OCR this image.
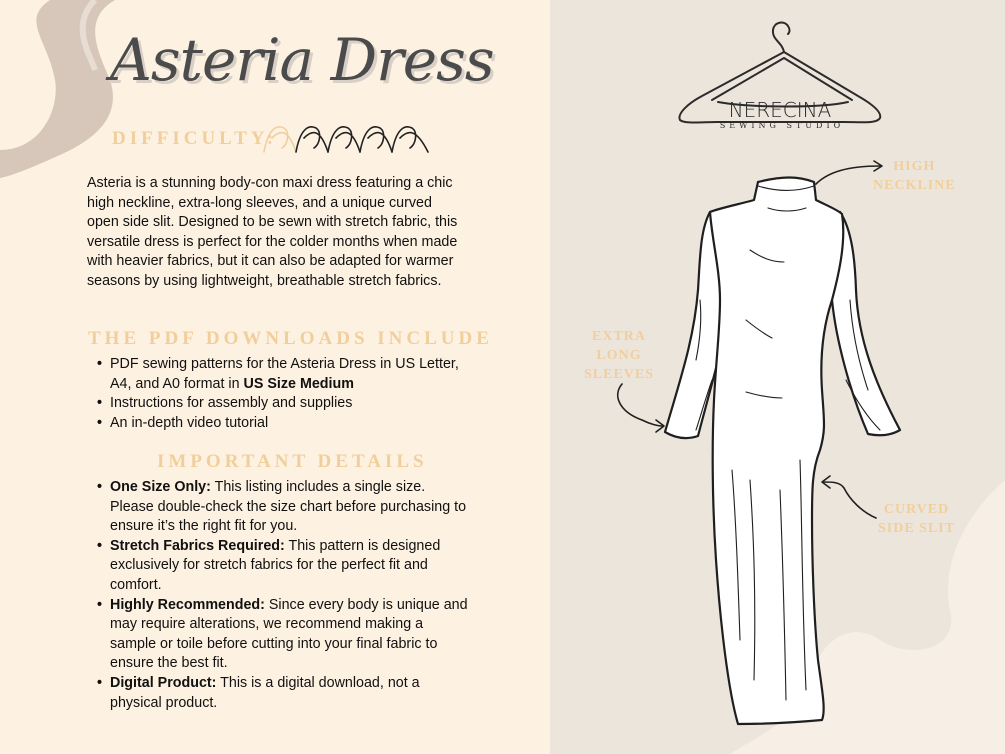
Asteria Dress
DIFFICULTY:

Asteria is a stunning body-con maxi dress featuring a chic high neckline, extra-long sleeves, and a unique curved open side slit. Designed to be sewn with stretch fabric, this versatile dress is perfect for the colder months when made with heavier fabrics, but it can also be adapted for warmer seasons by using lightweight, breathable stretch fabrics.

THE PDF DOWNLOADS INCLUDE
• PDF sewing patterns for the Asteria Dress in US Letter, A4, and A0 format in US Size Medium
• Instructions for assembly and supplies
• An in-depth video tutorial
IMPORTANT DETAILS
• One Size Only: This listing includes a single size. Please double-check the size chart before purchasing to ensure it’s the right fit for you.
• Stretch Fabrics Required: This pattern is designed exclusively for stretch fabrics for the perfect fit and comfort.
• Highly Recommended: Since every body is unique and may require alterations, we recommend making a sample or toile before cutting into your final fabric to ensure the best fit.
• Digital Product: This is a digital download, not a physical product.
NERECINA
SEWING STUDIO
HIGH
NECKLINE
EXTRA
LONG
SLEEVES
CURVED
SIDE SLIT
